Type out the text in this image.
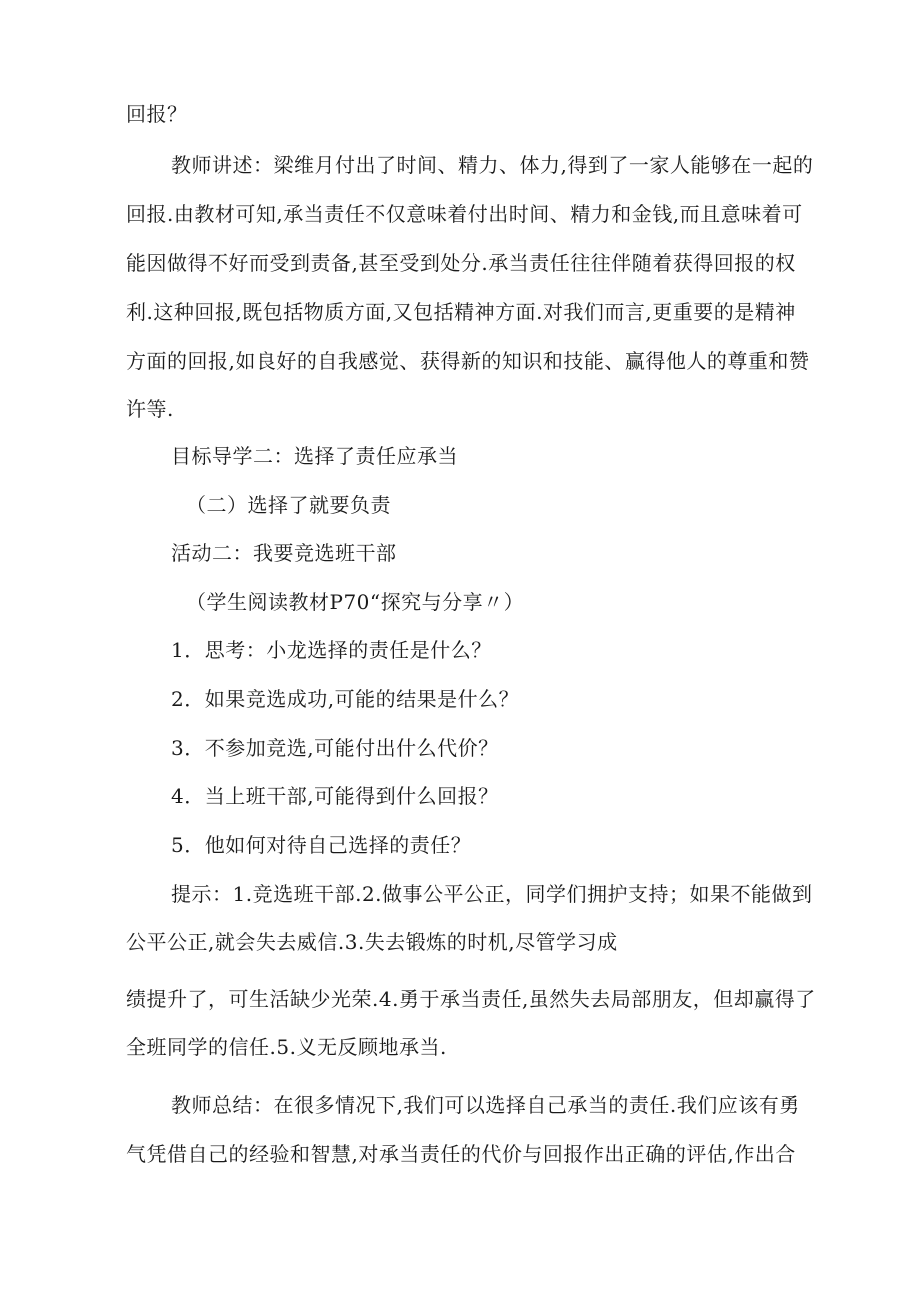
回报？
教师讲述：梁维月付出了时间、精力、体力,得到了一家人能够在一起的
回报.由教材可知,承当责任不仅意味着付出时间、精力和金钱,而且意味着可
能因做得不好而受到责备,甚至受到处分.承当责任往往伴随着获得回报的权
利.这种回报,既包括物质方面,又包括精神方面.对我们而言,更重要的是精神
方面的回报,如良好的自我感觉、获得新的知识和技能、赢得他人的尊重和赞
许等.
目标导学二：选择了责任应承当
（二）选择了就要负责
活动二：我要竞选班干部
（学生阅读教材P70“探究与分享〃）
1．思考：小龙选择的责任是什么？
2．如果竞选成功,可能的结果是什么？
3．不参加竞选,可能付出什么代价？
4．当上班干部,可能得到什么回报？
5．他如何对待自己选择的责任？
提示：1.竞选班干部.2.做事公平公正，同学们拥护支持；如果不能做到
公平公正,就会失去威信.3.失去锻炼的时机,尽管学习成
绩提升了，可生活缺少光荣.4.勇于承当责任,虽然失去局部朋友，但却赢得了
全班同学的信任.5.义无反顾地承当.
教师总结：在很多情况下,我们可以选择自己承当的责任.我们应该有勇
气凭借自己的经验和智慧,对承当责任的代价与回报作出正确的评估,作出合
